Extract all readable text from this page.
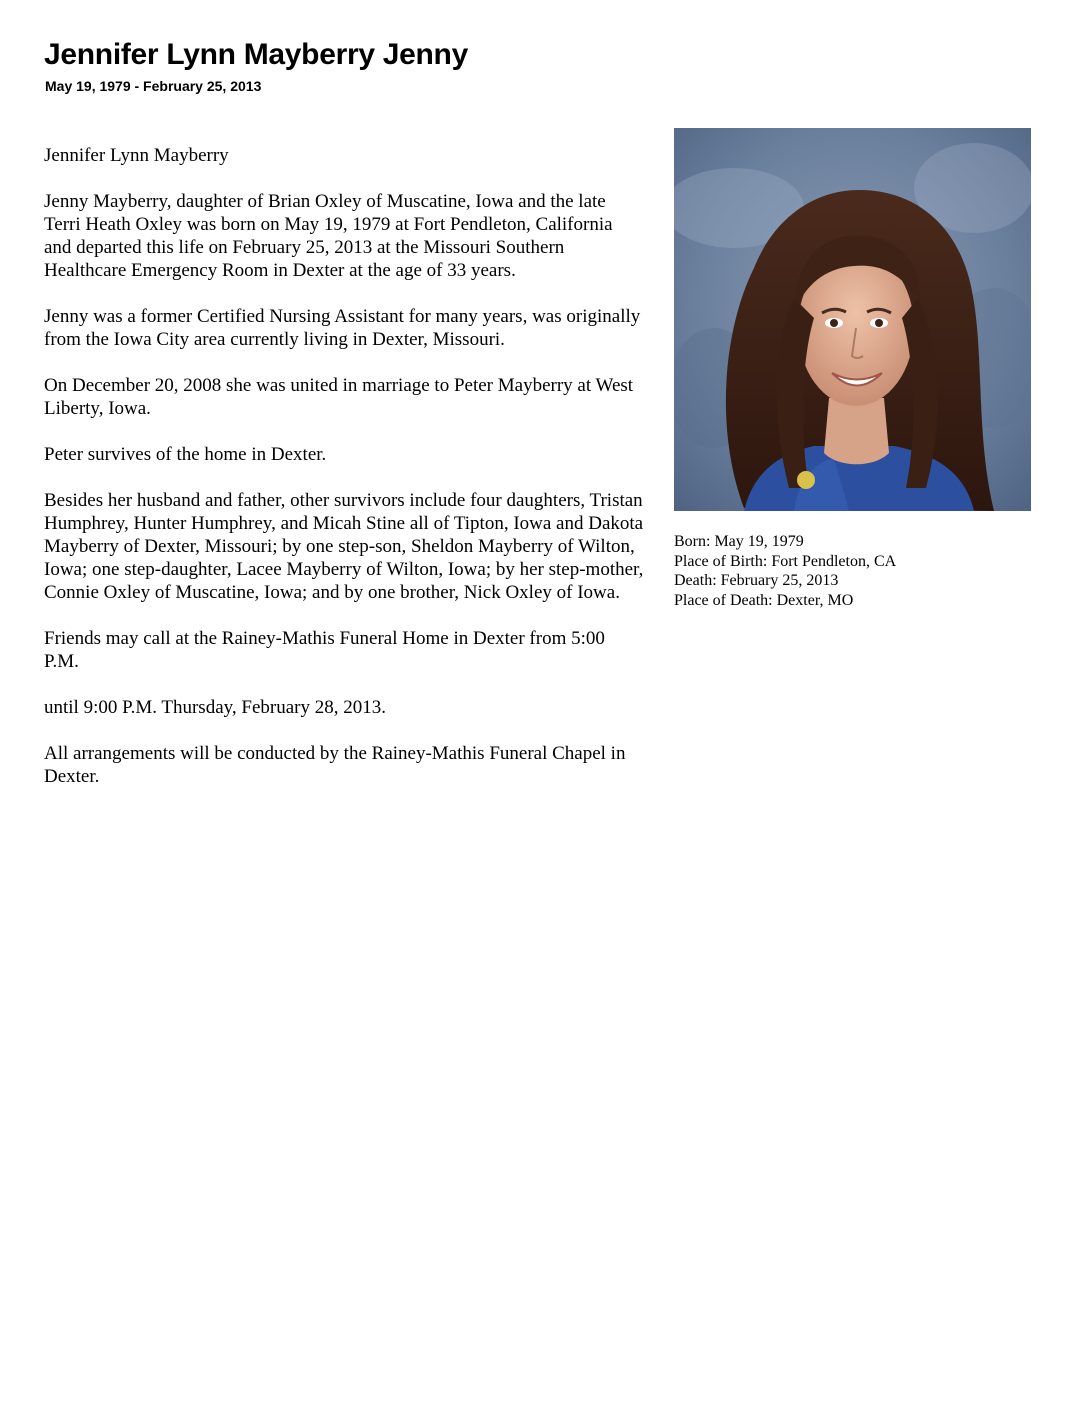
Jennifer Lynn Mayberry Jenny
May 19, 1979 - February 25, 2013

Jennifer Lynn Mayberry

Jenny Mayberry, daughter of Brian Oxley of Muscatine, Iowa and the late Terri Heath Oxley was born on May 19, 1979 at Fort Pendleton, California and departed this life on February 25, 2013 at the Missouri Southern Healthcare Emergency Room in Dexter at the age of 33 years.

Jenny was a former Certified Nursing Assistant for many years, was originally from the Iowa City area currently living in Dexter, Missouri.

On December 20, 2008 she was united in marriage to Peter Mayberry at West Liberty, Iowa.

Peter survives of the home in Dexter.

Besides her husband and father, other survivors include four daughters, Tristan Humphrey, Hunter Humphrey, and Micah Stine all of Tipton, Iowa and Dakota Mayberry of Dexter, Missouri; by one step-son, Sheldon Mayberry of Wilton, Iowa; one step-daughter, Lacee Mayberry of Wilton, Iowa; by her step-mother, Connie Oxley of Muscatine, Iowa; and by one brother, Nick Oxley of Iowa.

Friends may call at the Rainey-Mathis Funeral Home in Dexter from 5:00 P.M.

until 9:00 P.M. Thursday, February 28, 2013.

All arrangements will be conducted by the Rainey-Mathis Funeral Chapel in Dexter.

Born: May 19, 1979
Place of Birth: Fort Pendleton, CA
Death: February 25, 2013
Place of Death: Dexter, MO
